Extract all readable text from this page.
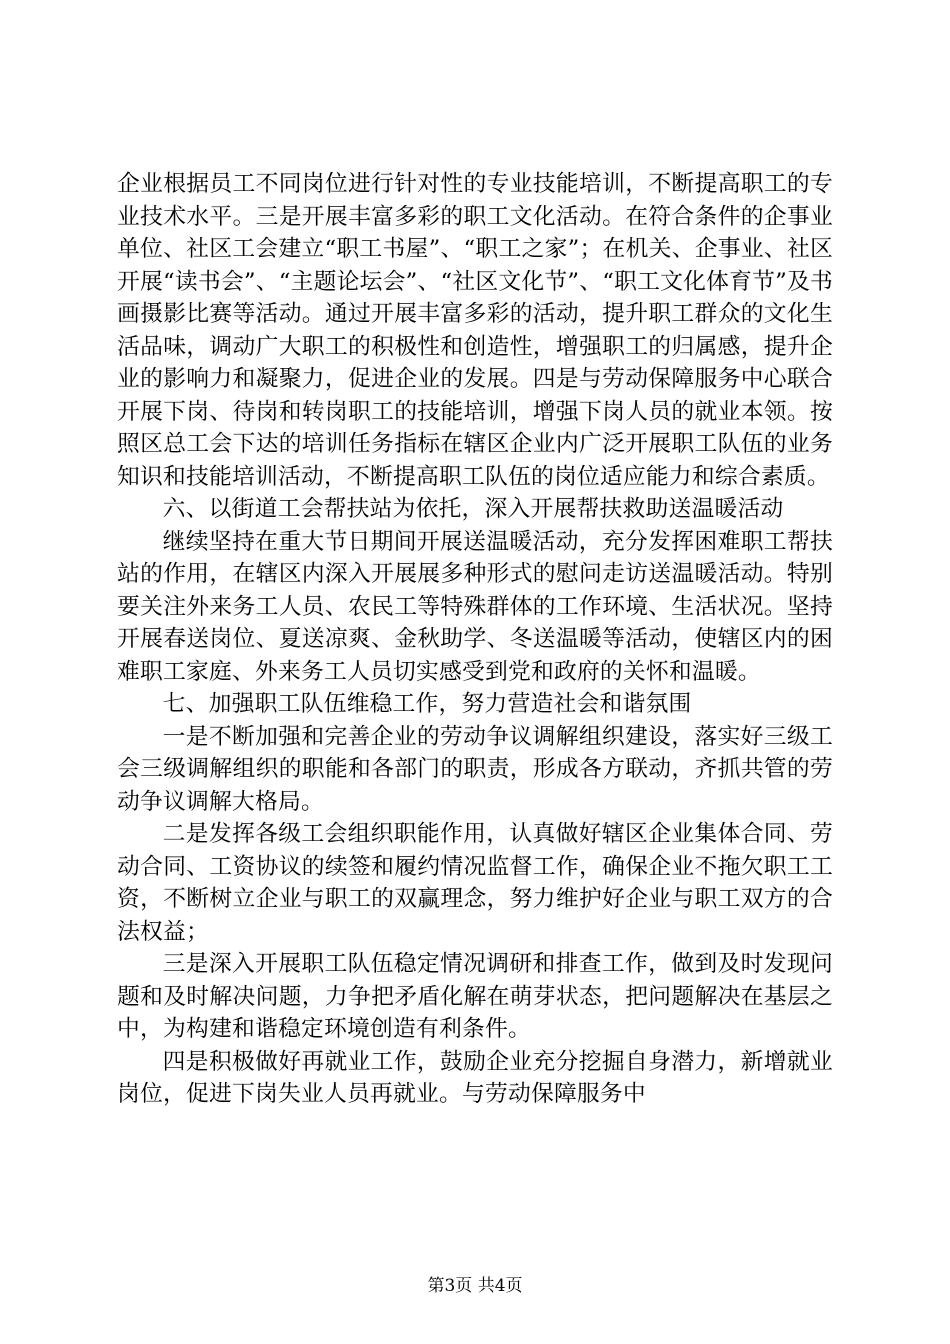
企业根据员工不同岗位进行针对性的专业技能培训，不断提高职工的专业技术水平。三是开展丰富多彩的职工文化活动。在符合条件的企事业单位、社区工会建立“职工书屋”、“职工之家”；在机关、企事业、社区开展“读书会”、“主题论坛会”、“社区文化节”、“职工文化体育节”及书画摄影比赛等活动。通过开展丰富多彩的活动，提升职工群众的文化生活品味，调动广大职工的积极性和创造性，增强职工的归属感，提升企业的影响力和凝聚力，促进企业的发展。四是与劳动保障服务中心联合开展下岗、待岗和转岗职工的技能培训，增强下岗人员的就业本领。按照区总工会下达的培训任务指标在辖区企业内广泛开展职工队伍的业务知识和技能培训活动，不断提高职工队伍的岗位适应能力和综合素质。

六、以街道工会帮扶站为依托，深入开展帮扶救助送温暖活动

继续坚持在重大节日期间开展送温暖活动，充分发挥困难职工帮扶站的作用，在辖区内深入开展展多种形式的慰问走访送温暖活动。特别要关注外来务工人员、农民工等特殊群体的工作环境、生活状况。坚持开展春送岗位、夏送凉爽、金秋助学、冬送温暖等活动，使辖区内的困难职工家庭、外来务工人员切实感受到党和政府的关怀和温暖。

七、加强职工队伍维稳工作，努力营造社会和谐氛围

一是不断加强和完善企业的劳动争议调解组织建设，落实好三级工会三级调解组织的职能和各部门的职责，形成各方联动，齐抓共管的劳动争议调解大格局。

二是发挥各级工会组织职能作用，认真做好辖区企业集体合同、劳动合同、工资协议的续签和履约情况监督工作，确保企业不拖欠职工工资，不断树立企业与职工的双赢理念，努力维护好企业与职工双方的合法权益；

三是深入开展职工队伍稳定情况调研和排查工作，做到及时发现问题和及时解决问题，力争把矛盾化解在萌芽状态，把问题解决在基层之中，为构建和谐稳定环境创造有利条件。

四是积极做好再就业工作，鼓励企业充分挖掘自身潜力，新增就业岗位，促进下岗失业人员再就业。与劳动保障服务中

第3页 共4页
